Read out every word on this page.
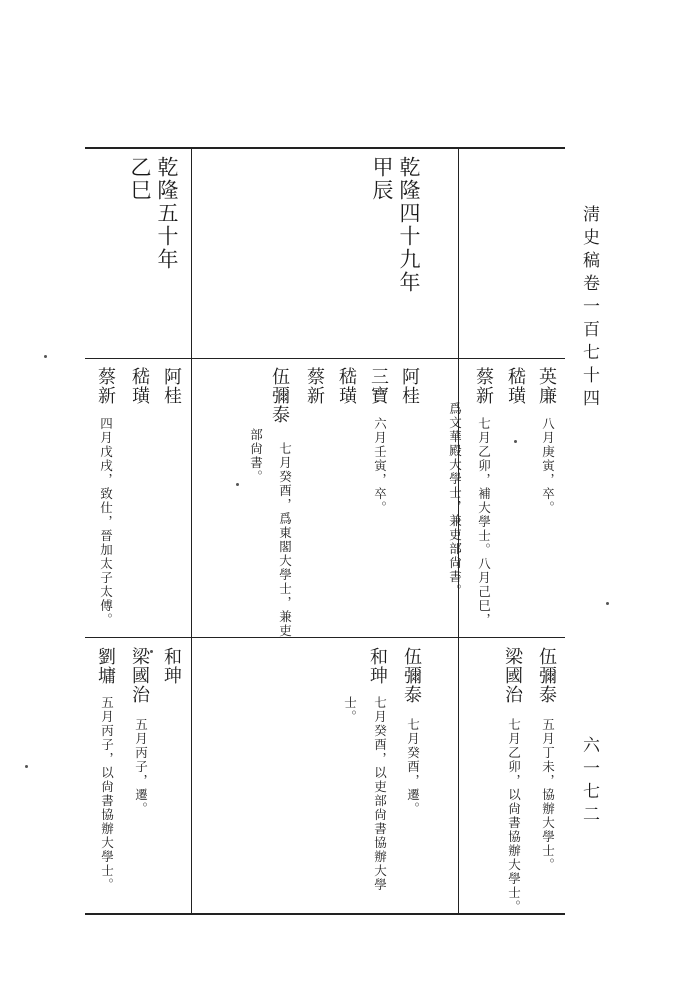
淸史稿卷一百七十四
六一七二
乾隆四十九年
甲辰
乾隆五十年
乙巳
英廉
八月庚寅，卒。
嵇璜
蔡新
七月乙卯，補大學士。八月己巳，
爲文華殿大學士，兼吏部尙書。
阿桂
三寶
六月壬寅，卒。
嵇璜
蔡新
伍彌泰
七月癸酉，爲東閣大學士，兼吏
部尙書。
阿桂
嵇璜
蔡新
四月戊戌，致仕，晉加太子太傅。
伍彌泰
五月丁未，協辦大學士。
梁國治
七月乙卯，以尙書協辦大學士。
伍彌泰
七月癸酉，遷。
和珅
七月癸酉，以吏部尙書協辦大學
士。
和珅
梁國治
五月丙子，遷。
劉墉
五月丙子，以尙書協辦大學士。
